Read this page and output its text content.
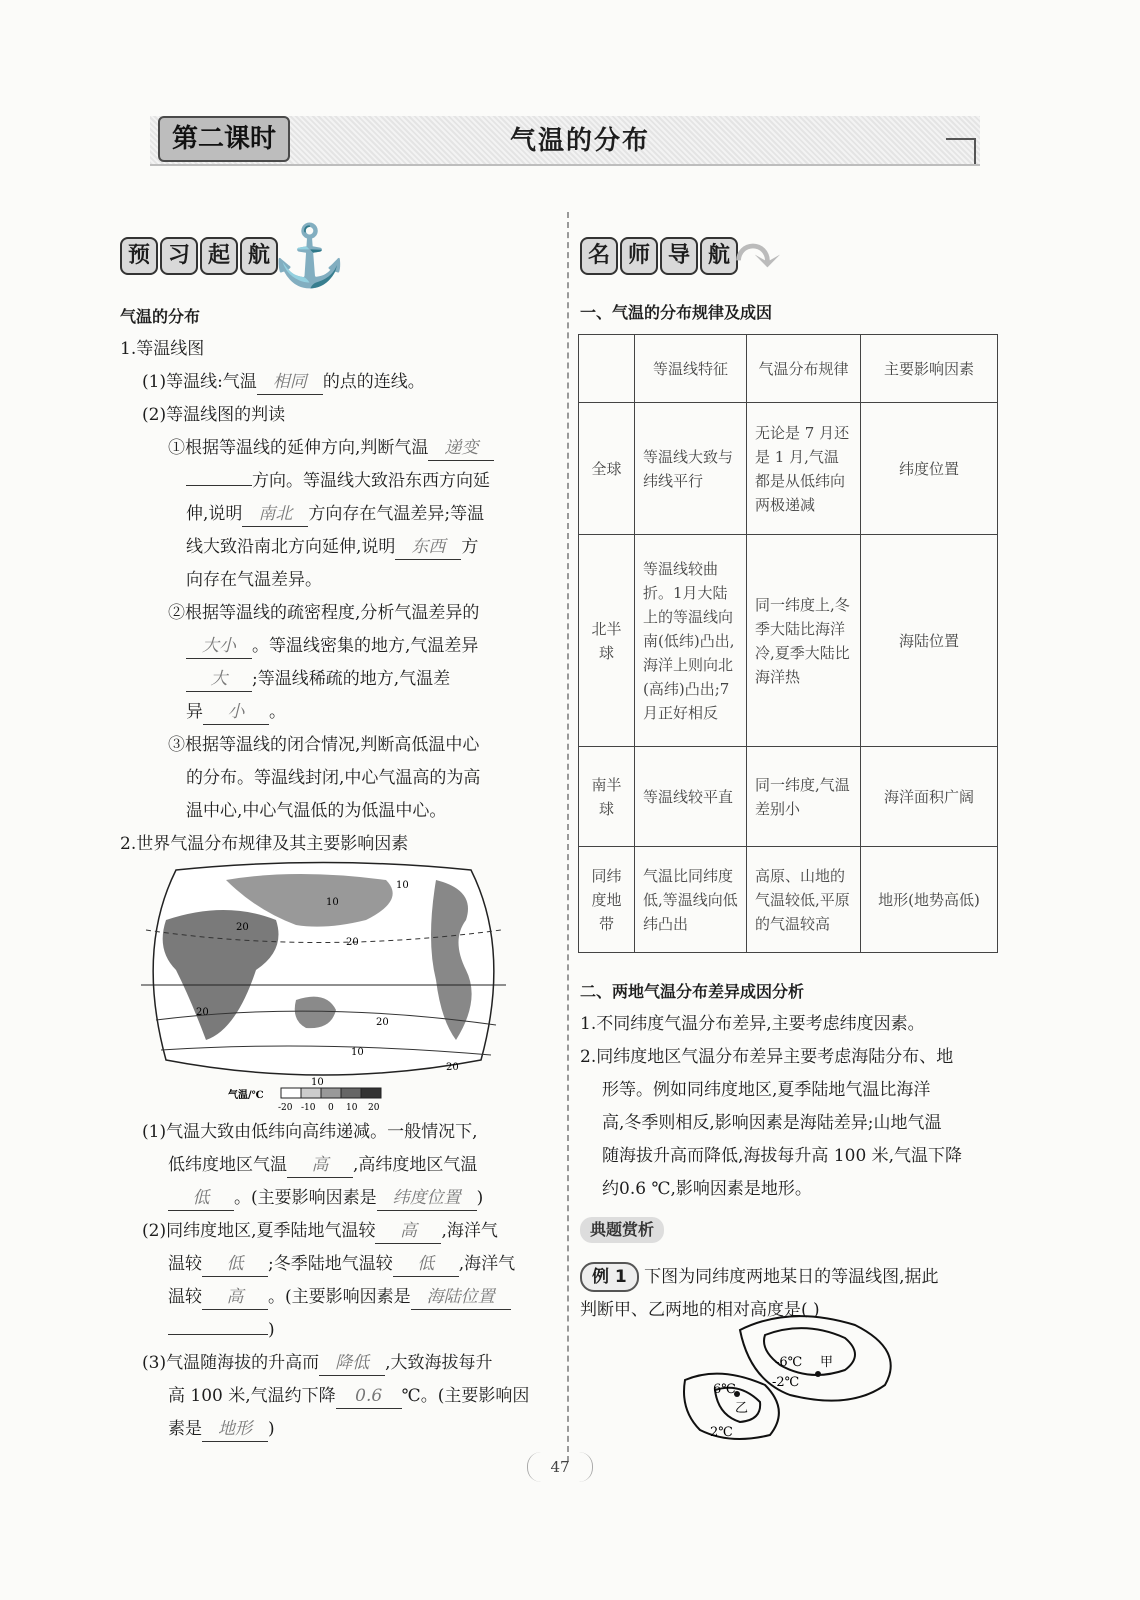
第二课时	气温的分布
预 习 起 航 ⚓	名 师 导 航 ↷
气温的分布
1.等温线图
(1)等温线:气温 相同 的点的连线。
(2)等温线图的判读
①根据等温线的延伸方向,判断气温 递变
方向。等温线大致沿东西方向延
伸,说明 南北 方向存在气温差异;等温
线大致沿南北方向延伸,说明 东西 方
向存在气温差异。
②根据等温线的疏密程度,分析气温差异的
大小 。等温线密集的地方,气温差异
大 ;等温线稀疏的地方,气温差
异 小 。
③根据等温线的闭合情况,判断高低温中心
的分布。等温线封闭,中心气温高的为高
温中心,中心气温低的为低温中心。
2.世界气温分布规律及其主要影响因素
20
10
20
20
20
10
20
10
10
气温/℃
-20 -10 0 10 20
(1)气温大致由低纬向高纬递减。一般情况下,
低纬度地区气温 高 ,高纬度地区气温
低 。(主要影响因素是 纬度位置 )
(2)同纬度地区,夏季陆地气温较 高 ,海洋气
温较 低 ;冬季陆地气温较 低 ,海洋气
温较 高 。(主要影响因素是 海陆位置
)
(3)气温随海拔的升高而 降低 ,大致海拔每升
高 100 米,气温约下降 0.6 ℃。(主要影响因
素是 地形 )
一、气温的分布规律及成因
	等温线特征	气温分布规律	主要影响因素
全球	等温线大致与纬线平行	无论是 7 月还是 1 月,气温都是从低纬向两极递减	纬度位置
北半球	等温线较曲折。1月大陆上的等温线向南(低纬)凸出,海洋上则向北(高纬)凸出;7月正好相反	同一纬度上,冬季大陆比海洋冷,夏季大陆比海洋热	海陆位置
南半球	等温线较平直	同一纬度,气温差别小	海洋面积广阔
同纬度地带	气温比同纬度低,等温线向低纬凸出	高原、山地的气温较低,平原的气温较高	地形(地势高低)
二、两地气温分布差异成因分析
1.不同纬度气温分布差异,主要考虑纬度因素。
2.同纬度地区气温分布差异主要考虑海陆分布、地
形等。例如同纬度地区,夏季陆地气温比海洋
高,冬季则相反,影响因素是海陆差异;山地气温
随海拔升高而降低,海拔每升高 100 米,气温下降
约0.6 ℃,影响因素是地形。
典题赏析
例 1 下图为同纬度两地某日的等温线图,据此
判断甲、乙两地的相对高度是( )
-6℃ 甲
-2℃
6℃
乙
2℃
47
